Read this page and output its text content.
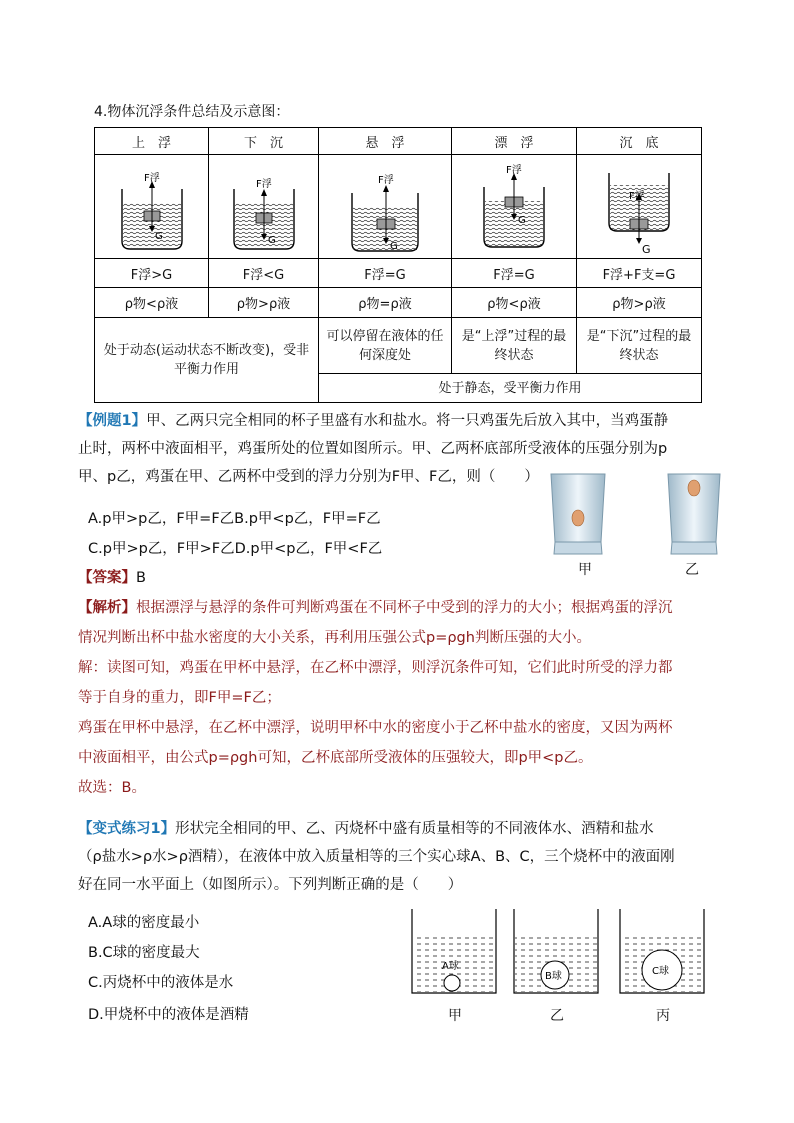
4.物体沉浮条件总结及示意图：
上　浮	下　沉	悬　浮	漂　浮	沉　底

F浮
G	F浮
G	F浮
G	F浮
G	F浮
G

F浮>G	F浮<G	F浮=G	F浮=G	F浮+F支=G
ρ物<ρ液	ρ物>ρ液	ρ物=ρ液	ρ物<ρ液	ρ物>ρ液
处于动态(运动状态不断改变)，受非平衡力作用		可以停留在液体的任何深度处	是“上浮”过程的最终状态	是“下沉”过程的最终状态
		处于静态，受平衡力作用		
【例题1】甲、乙两只完全相同的杯子里盛有水和盐水。将一只鸡蛋先后放入其中，当鸡蛋静
止时，两杯中液面相平，鸡蛋所处的位置如图所示。甲、乙两杯底部所受液体的压强分别为p
甲、p乙，鸡蛋在甲、乙两杯中受到的浮力分别为F甲、F乙，则（　　）
A.p甲>p乙，F甲=F乙B.p甲<p乙，F甲=F乙
C.p甲>p乙，F甲>F乙D.p甲<p乙，F甲<F乙
甲	乙
【答案】B
【解析】根据漂浮与悬浮的条件可判断鸡蛋在不同杯子中受到的浮力的大小；根据鸡蛋的浮沉
情况判断出杯中盐水密度的大小关系，再利用压强公式p=ρgh判断压强的大小。
解：读图可知，鸡蛋在甲杯中悬浮，在乙杯中漂浮，则浮沉条件可知，它们此时所受的浮力都
等于自身的重力，即F甲=F乙；
鸡蛋在甲杯中悬浮，在乙杯中漂浮，说明甲杯中水的密度小于乙杯中盐水的密度，又因为两杯
中液面相平，由公式p=ρgh可知，乙杯底部所受液体的压强较大，即p甲<p乙。
故选：B。
【变式练习1】形状完全相同的甲、乙、丙烧杯中盛有质量相等的不同液体水、酒精和盐水
（ρ盐水>ρ水>ρ酒精），在液体中放入质量相等的三个实心球A、B、C，三个烧杯中的液面刚
好在同一水平面上（如图所示）。下列判断正确的是（　　）
A.A球的密度最小
B.C球的密度最大
C.丙烧杯中的液体是水
D.甲烧杯中的液体是酒精
A球
B球	C球
甲	乙	丙
